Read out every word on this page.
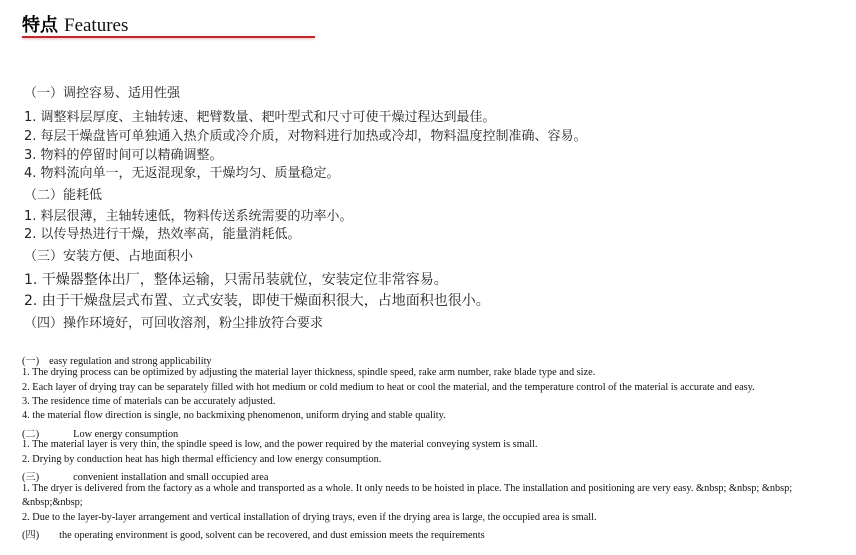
特点 Features
（一）调控容易、适用性强
1. 调整料层厚度、主轴转速、耙臂数量、耙叶型式和尺寸可使干燥过程达到最佳。
2. 每层干燥盘皆可单独通入热介质或冷介质，对物料进行加热或冷却，物料温度控制准确、容易。
3. 物料的停留时间可以精确调整。
4. 物料流向单一，无返混现象，干燥均匀、质量稳定。
（二）能耗低
1. 料层很薄，主轴转速低，物料传送系统需要的功率小。
2. 以传导热进行干燥，热效率高，能量消耗低。
（三）安装方便、占地面积小
1. 干燥器整体出厂，整体运输，只需吊装就位，安装定位非常容易。
2. 由于干燥盘层式布置、立式安装，即使干燥面积很大，占地面积也很小。
（四）操作环境好，可回收溶剂，粉尘排放符合要求
(一) easy regulation and strong applicability
1. The drying process can be optimized by adjusting the material layer thickness, spindle speed, rake arm number, rake blade type and size.
2. Each layer of drying tray can be separately filled with hot medium or cold medium to heat or cool the material, and the temperature control of the material is accurate and easy.
3. The residence time of materials can be accurately adjusted.
4. the material flow direction is single, no backmixing phenomenon, uniform drying and stable quality.
(二)	Low energy consumption
1. The material layer is very thin, the spindle speed is low, and the power required by the material conveying system is small.
2. Drying by conduction heat has high thermal efficiency and low energy consumption.
(三)	convenient installation and small occupied area
1. The dryer is delivered from the factory as a whole and transported as a whole. It only needs to be hoisted in place. The installation and positioning are very easy. &nbsp; &nbsp; &nbsp;
&nbsp;&nbsp;
2. Due to the layer-by-layer arrangement and vertical installation of drying trays, even if the drying area is large, the occupied area is small.
(四) the operating environment is good, solvent can be recovered, and dust emission meets the requirements
